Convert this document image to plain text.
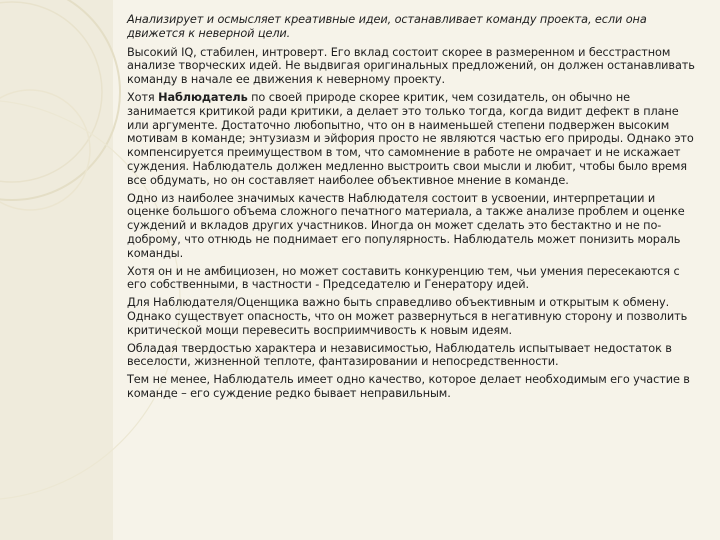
Анализирует и осмысляет креативные идеи, останавливает команду проекта, если она движется к неверной цели.

Высокий IQ, стабилен, интроверт. Его вклад состоит скорее в размеренном и бесстрастном анализе творческих идей. Не выдвигая оригинальных предложений, он должен останавливать команду в начале ее движения к неверному проекту.

Хотя Наблюдатель по своей природе скорее критик, чем созидатель, он обычно не занимается критикой ради критики, а делает это только тогда, когда видит дефект в плане или аргументе. Достаточно любопытно, что он в наименьшей степени подвержен высоким мотивам в команде; энтузиазм и эйфория просто не являются частью его природы. Однако это компенсируется преимуществом в том, что самомнение в работе не омрачает и не искажает суждения. Наблюдатель должен медленно выстроить свои мысли и любит, чтобы было время все обдумать, но он составляет наиболее объективное мнение в команде.

Одно из наиболее значимых качеств Наблюдателя состоит в усвоении, интерпретации и оценке большого объема сложного печатного материала, а также анализе проблем и оценке суждений и вкладов других участников. Иногда он может сделать это бестактно и не по-доброму, что отнюдь не поднимает его популярность. Наблюдатель может понизить мораль команды.

Хотя он и не амбициозен, но может составить конкуренцию тем, чьи умения пересекаются с его собственными, в частности - Председателю и Генератору идей.

Для Наблюдателя/Оценщика важно быть справедливо объективным и открытым к обмену. Однако существует опасность, что он может развернуться в негативную сторону и позволить критической мощи перевесить восприимчивость к новым идеям.

Обладая твердостью характера и независимостью, Наблюдатель испытывает недостаток в веселости, жизненной теплоте, фантазировании и непосредственности.

Тем не менее, Наблюдатель имеет одно качество, которое делает необходимым его участие в команде – его суждение редко бывает неправильным.
